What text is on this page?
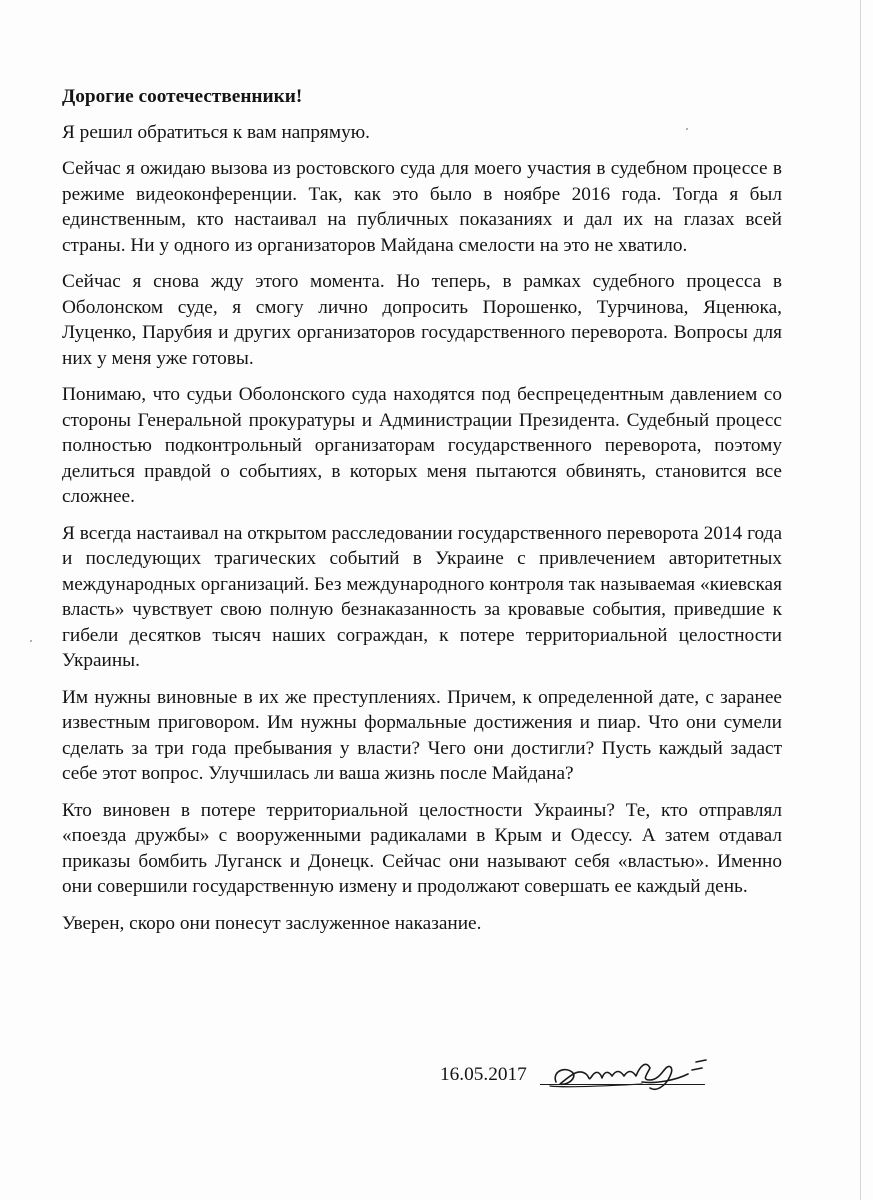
Дорогие соотечественники!

Я решил обратиться к вам напрямую.

Сейчас я ожидаю вызова из ростовского суда для моего участия в судебном процессе в режиме видеоконференции. Так, как это было в ноябре 2016 года. Тогда я был единственным, кто настаивал на публичных показаниях и дал их на глазах всей страны. Ни у одного из организаторов Майдана смелости на это не хватило.

Сейчас я снова жду этого момента. Но теперь, в рамках судебного процесса в Оболонском суде, я смогу лично допросить Порошенко, Турчинова, Яценюка, Луценко, Парубия и других организаторов государственного переворота. Вопросы для них у меня уже готовы.

Понимаю, что судьи Оболонского суда находятся под беспрецедентным давлением со стороны Генеральной прокуратуры и Администрации Президента. Судебный процесс полностью подконтрольный организаторам государственного переворота, поэтому делиться правдой о событиях, в которых меня пытаются обвинять, становится все сложнее.

Я всегда настаивал на открытом расследовании государственного переворота 2014 года и последующих трагических событий в Украине с привлечением авторитетных международных организаций. Без международного контроля так называемая «киевская власть» чувствует свою полную безнаказанность за кровавые события, приведшие к гибели десятков тысяч наших сограждан, к потере территориальной целостности Украины.

Им нужны виновные в их же преступлениях. Причем, к определенной дате, с заранее известным приговором. Им нужны формальные достижения и пиар. Что они сумели сделать за три года пребывания у власти? Чего они достигли? Пусть каждый задаст себе этот вопрос. Улучшилась ли ваша жизнь после Майдана?

Кто виновен в потере территориальной целостности Украины? Те, кто отправлял «поезда дружбы» с вооруженными радикалами в Крым и Одессу. А затем отдавал приказы бомбить Луганск и Донецк. Сейчас они называют себя «властью». Именно они совершили государственную измену и продолжают совершать ее каждый день.

Уверен, скоро они понесут заслуженное наказание.

16.05.2017
